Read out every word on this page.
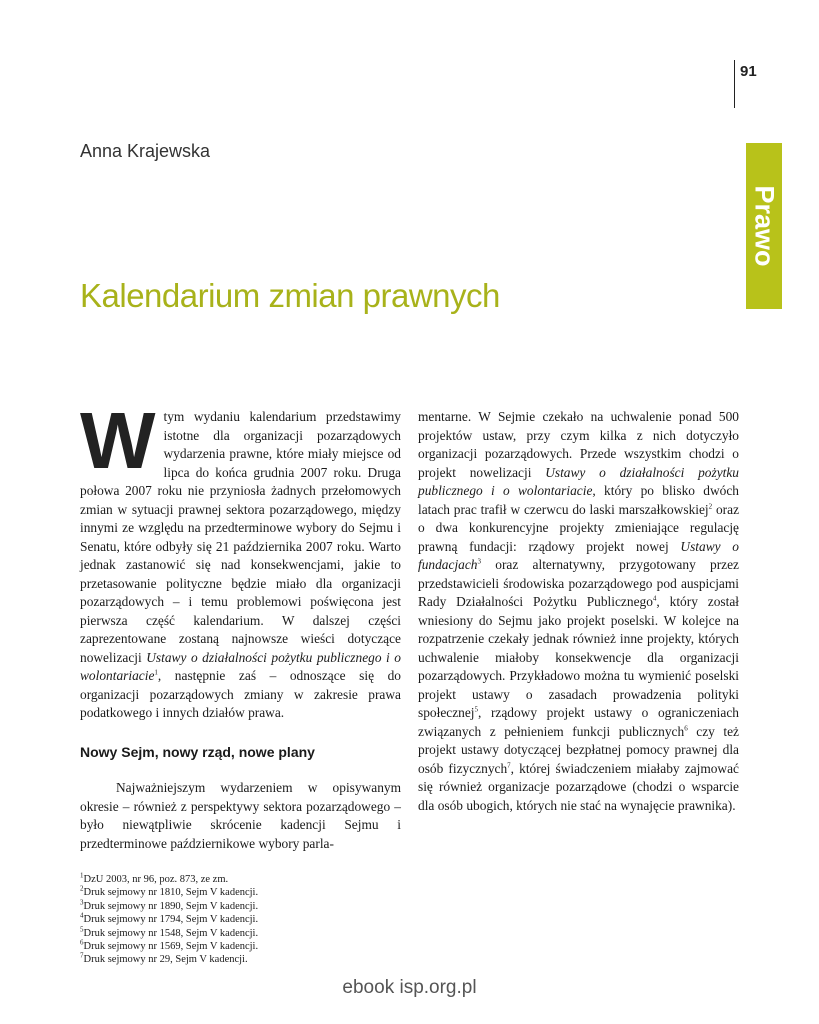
91
Prawo
Anna Krajewska
Kalendarium zmian prawnych

Wtym wydaniu kalendarium przedstawimy istotne dla organizacji pozarządowych wydarzenia prawne, które miały miejsce od lipca do końca grudnia 2007 roku. Druga połowa 2007 roku nie przyniosła żadnych przełomowych zmian w sytuacji prawnej sektora pozarządowego, między innymi ze względu na przedterminowe wybory do Sejmu i Senatu, które odbyły się 21 października 2007 roku. Warto jednak zastanowić się nad konsekwencjami, jakie to przetasowanie polityczne będzie miało dla organizacji pozarządowych – i temu problemowi poświęcona jest pierwsza część kalendarium. W dalszej części zaprezentowane zostaną najnowsze wieści dotyczące nowelizacji Ustawy o działalności pożytku publicznego i o wolontariacie$^1$, następnie zaś – odnoszące się do organizacji pozarządowych zmiany w zakresie prawa podatkowego i innych działów prawa.

Nowy Sejm, nowy rząd, nowe plany

Najważniejszym wydarzeniem w opisywanym okresie – również z perspektywy sektora pozarządowego – było niewątpliwie skrócenie kadencji Sejmu i przedterminowe październikowe wybory parla-

mentarne. W Sejmie czekało na uchwalenie ponad 500 projektów ustaw, przy czym kilka z nich dotyczyło organizacji pozarządowych. Przede wszystkim chodzi o projekt nowelizacji Ustawy o działalności pożytku publicznego i o wolontariacie, który po blisko dwóch latach prac trafił w czerwcu do laski marszałkowskiej$^2$ oraz o dwa konkurencyjne projekty zmieniające regulację prawną fundacji: rządowy projekt nowej Ustawy o fundacjach$^3$ oraz alternatywny, przygotowany przez przedstawicieli środowiska pozarządowego pod auspicjami Rady Działalności Pożytku Publicznego$^4$, który został wniesiony do Sejmu jako projekt poselski. W kolejce na rozpatrzenie czekały jednak również inne projekty, których uchwalenie miałoby konsekwencje dla organizacji pozarządowych. Przykładowo można tu wymienić poselski projekt ustawy o zasadach prowadzenia polityki społecznej$^5$, rządowy projekt ustawy o ograniczeniach związanych z pełnieniem funkcji publicznych$^6$ czy też projekt ustawy dotyczącej bezpłatnej pomocy prawnej dla osób fizycznych$^7$, której świadczeniem miałaby zajmować się również organizacje pozarządowe (chodzi o wsparcie dla osób ubogich, których nie stać na wynajęcie prawnika).

$^1$DzU 2003, nr 96, poz. 873, ze zm.
$^2$Druk sejmowy nr 1810, Sejm V kadencji.
$^3$Druk sejmowy nr 1890, Sejm V kadencji.
$^4$Druk sejmowy nr 1794, Sejm V kadencji.
$^5$Druk sejmowy nr 1548, Sejm V kadencji.
$^6$Druk sejmowy nr 1569, Sejm V kadencji.
$^7$Druk sejmowy nr 29, Sejm V kadencji.
ebook isp.org.pl
